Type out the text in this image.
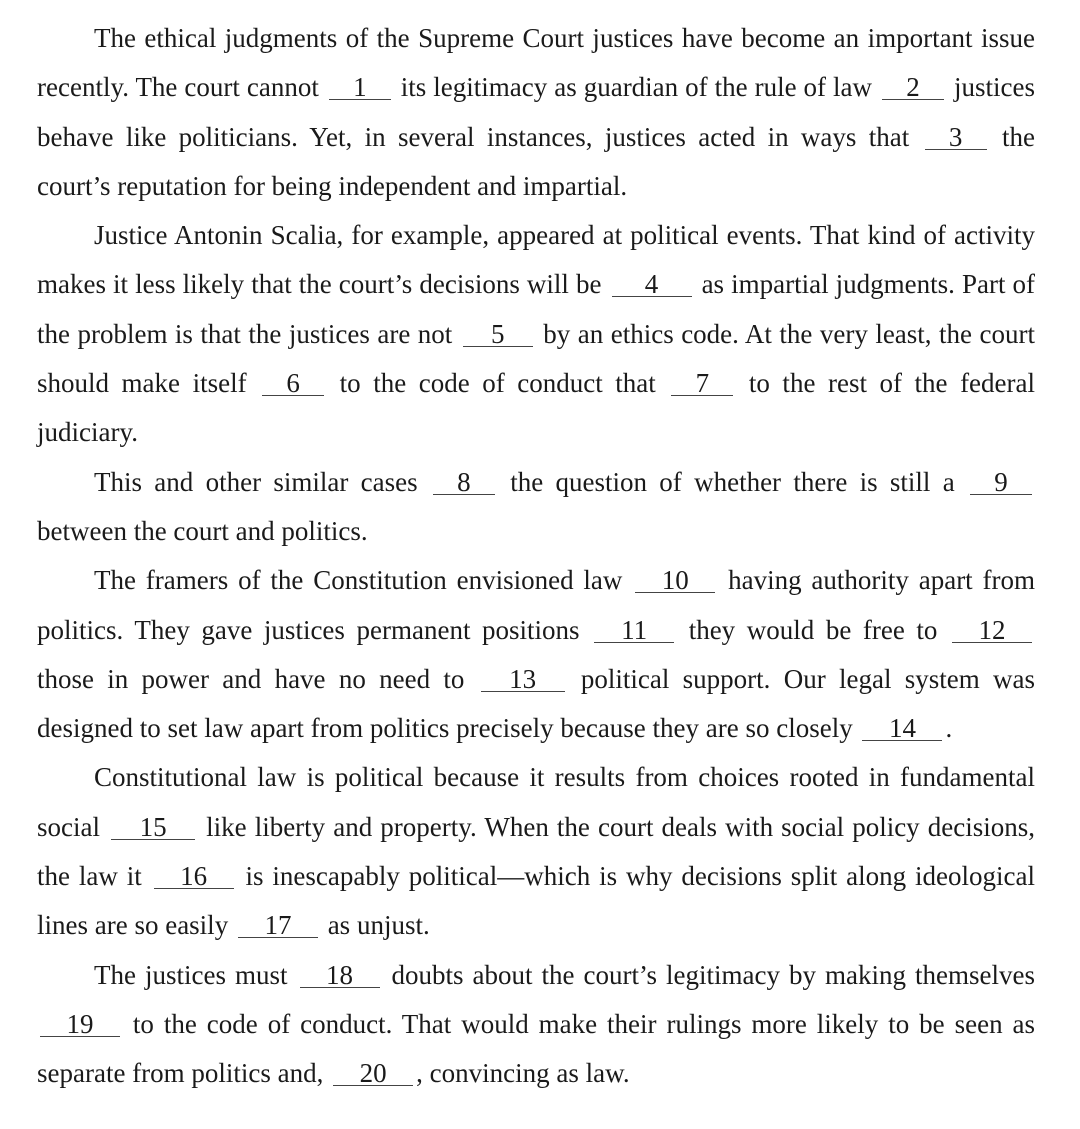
The ethical judgments of the Supreme Court justices have become an important issue recently. The court cannot 1 its legitimacy as guardian of the rule of law 2 justices behave like politicians. Yet, in several instances, justices acted in ways that 3 the court’s reputation for being independent and impartial.

Justice Antonin Scalia, for example, appeared at political events. That kind of activity makes it less likely that the court’s decisions will be 4 as impartial judgments. Part of the problem is that the justices are not 5 by an ethics code. At the very least, the court should make itself 6 to the code of conduct that 7 to the rest of the federal judiciary.

This and other similar cases 8 the question of whether there is still a 9 between the court and politics.

The framers of the Constitution envisioned law 10 having authority apart from politics. They gave justices permanent positions 11 they would be free to 12 those in power and have no need to 13 political support. Our legal system was designed to set law apart from politics precisely because they are so closely 14 .

Constitutional law is political because it results from choices rooted in fundamental social 15 like liberty and property. When the court deals with social policy decisions, the law it 16 is inescapably political—which is why decisions split along ideological lines are so easily 17 as unjust.

The justices must 18 doubts about the court’s legitimacy by making themselves 19 to the code of conduct. That would make their rulings more likely to be seen as separate from politics and, 20 , convincing as law.
